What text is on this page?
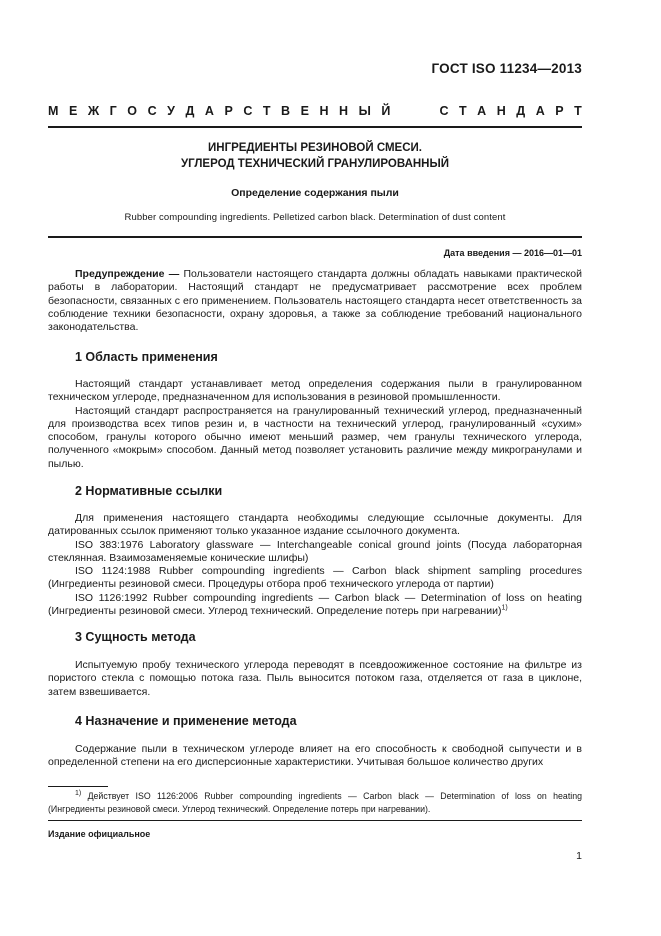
ГОСТ ISO 11234—2013
М Е Ж Г О С У Д А Р С Т В Е Н Н Ы Й	С Т А Н Д А Р Т
ИНГРЕДИЕНТЫ РЕЗИНОВОЙ СМЕСИ.
УГЛЕРОД ТЕХНИЧЕСКИЙ ГРАНУЛИРОВАННЫЙ
Определение содержания пыли
Rubber compounding ingredients. Pelletized carbon black. Determination of dust content
Дата введения — 2016—01—01

Предупреждение — Пользователи настоящего стандарта должны обладать навыками практической работы в лаборатории. Настоящий стандарт не предусматривает рассмотрение всех проблем безопасности, связанных с его применением. Пользователь настоящего стандарта несет ответственность за соблюдение техники безопасности, охрану здоровья, а также за соблюдение требований национального законодательства.

1 Область применения

Настоящий стандарт устанавливает метод определения содержания пыли в гранулированном техническом углероде, предназначенном для использования в резиновой промышленности.

Настоящий стандарт распространяется на гранулированный технический углерод, предназначенный для производства всех типов резин и, в частности на технический углерод, гранулированный «сухим» способом, гранулы которого обычно имеют меньший размер, чем гранулы технического углерода, полученного «мокрым» способом. Данный метод позволяет установить различие между микрогранулами и пылью.

2 Нормативные ссылки

Для применения настоящего стандарта необходимы следующие ссылочные документы. Для датированных ссылок применяют только указанное издание ссылочного документа.

ISO 383:1976 Laboratory glassware — Interchangeable conical ground joints (Посуда лабораторная стеклянная. Взаимозаменяемые конические шлифы)

ISO 1124:1988 Rubber compounding ingredients — Carbon black shipment sampling procedures (Ингредиенты резиновой смеси. Процедуры отбора проб технического углерода от партии)

ISO 1126:1992 Rubber compounding ingredients — Carbon black — Determination of loss on heating (Ингредиенты резиновой смеси. Углерод технический. Определение потерь при нагревании)$^{1)}$

3 Сущность метода

Испытуемую пробу технического углерода переводят в псевдоожиженное состояние на фильтре из пористого стекла с помощью потока газа. Пыль выносится потоком газа, отделяется от газа в циклоне, затем взвешивается.

4 Назначение и применение метода

Содержание пыли в техническом углероде влияет на его способность к свободной сыпучести и в определенной степени на его дисперсионные характеристики. Учитывая большое количество других

$^{1)}$ Действует ISO 1126:2006 Rubber compounding ingredients — Carbon black — Determination of loss on heating (Ингредиенты резиновой смеси. Углерод технический. Определение потерь при нагревании).

Издание официальное
1
